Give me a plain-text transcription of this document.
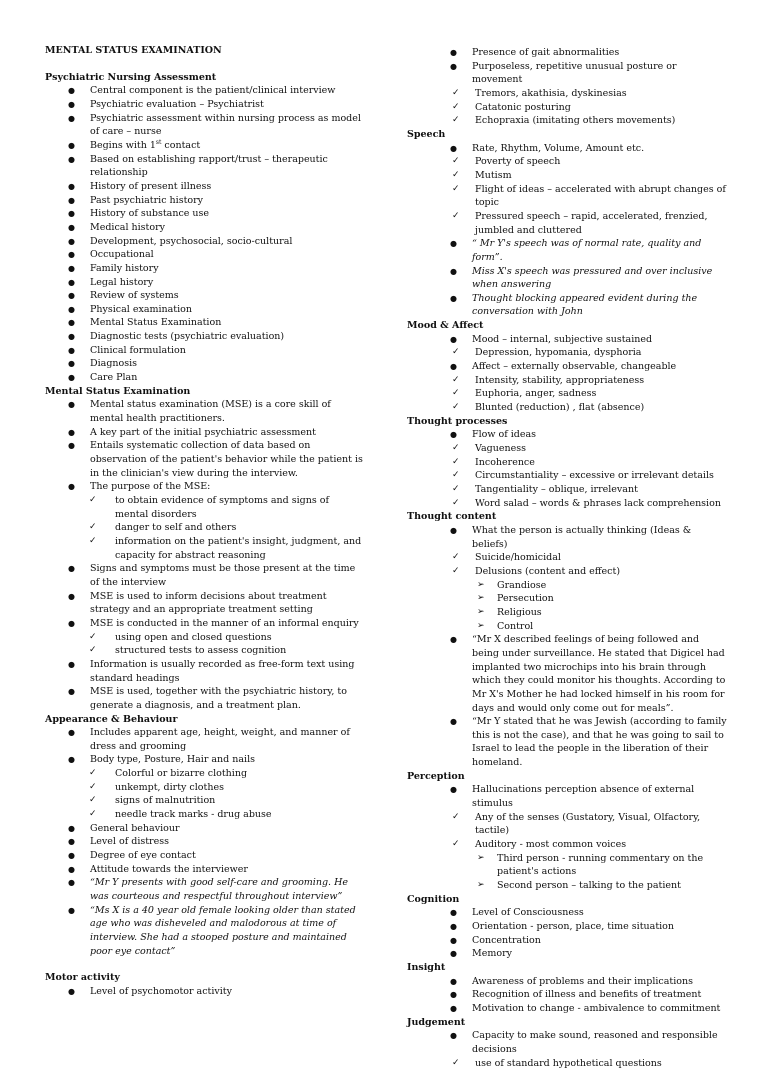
MENTAL STATUS EXAMINATION
Psychiatric Nursing Assessment
● Central component is the patient/clinical interview
● Psychiatric evaluation – Psychiatrist
● Psychiatric assessment within nursing process as model of care – nurse
● Begins with 1st contact
● Based on establishing rapport/trust – therapeutic relationship
● History of present illness
● Past psychiatric history
● History of substance use
● Medical history
● Development, psychosocial, socio-cultural
● Occupational
● Family history
● Legal history
● Review of systems
● Physical examination
● Mental Status Examination
● Diagnostic tests (psychiatric evaluation)
● Clinical formulation
● Diagnosis
● Care Plan
Mental Status Examination
● Mental status examination (MSE) is a core skill of mental health practitioners.
● A key part of the initial psychiatric assessment
● Entails systematic collection of data based on observation of the patient's behavior while the patient is in the clinician's view during the interview.
● The purpose of the MSE:
✓ to obtain evidence of symptoms and signs of mental disorders
✓ danger to self and others
✓ information on the patient's insight, judgment, and capacity for abstract reasoning
● Signs and symptoms must be those present at the time of the interview
● MSE is used to inform decisions about treatment strategy and an appropriate treatment setting
● MSE is conducted in the manner of an informal enquiry
✓ using open and closed questions
✓ structured tests to assess cognition
● Information is usually recorded as free-form text using standard headings
● MSE is used, together with the psychiatric history, to generate a diagnosis, and a treatment plan.
Appearance & Behaviour
● Includes apparent age, height, weight, and manner of dress and grooming
● Body type, Posture, Hair and nails
✓ Colorful or bizarre clothing
✓ unkempt, dirty clothes
✓ signs of malnutrition
✓ needle track marks - drug abuse
● General behaviour
● Level of distress
● Degree of eye contact
● Attitude towards the interviewer
● “Mr Y presents with good self-care and grooming. He was courteous and respectful throughout interview”
● “Ms X is a 40 year old female looking older than stated age who was disheveled and malodorous at time of interview. She had a stooped posture and maintained poor eye contact”
Motor activity
● Level of psychomotor activity
● Presence of gait abnormalities
● Purposeless, repetitive unusual posture or movement
✓ Tremors, akathisia, dyskinesias
✓ Catatonic posturing
✓ Echopraxia (imitating others movements)
Speech
● Rate, Rhythm, Volume, Amount etc.
✓ Poverty of speech
✓ Mutism
✓ Flight of ideas – accelerated with abrupt changes of topic
✓ Pressured speech – rapid, accelerated, frenzied, jumbled and cluttered
● “ Mr Y's speech was of normal rate, quality and form”.
● Miss X's speech was pressured and over inclusive when answering
● Thought blocking appeared evident during the conversation with John
Mood & Affect
● Mood – internal, subjective sustained
✓ Depression, hypomania, dysphoria
● Affect – externally observable, changeable
✓ Intensity, stability, appropriateness
✓ Euphoria, anger, sadness
✓ Blunted (reduction) , flat (absence)
Thought processes
● Flow of ideas
✓ Vagueness
✓ Incoherence
✓ Circumstantiality – excessive or irrelevant details
✓ Tangentiality – oblique, irrelevant
✓ Word salad – words & phrases lack comprehension
Thought content
● What the person is actually thinking (Ideas & beliefs)
✓ Suicide/homicidal
✓ Delusions (content and effect)
➢ Grandiose
➢ Persecution
➢ Religious
➢ Control
● “Mr X described feelings of being followed and being under surveillance. He stated that Digicel had implanted two microchips into his brain through which they could monitor his thoughts. According to Mr X's Mother he had locked himself in his room for days and would only come out for meals”.
● “Mr Y stated that he was Jewish (according to family this is not the case), and that he was going to sail to Israel to lead the people in the liberation of their homeland.
Perception
● Hallucinations perception absence of external stimulus
✓ Any of the senses (Gustatory, Visual, Olfactory, tactile)
✓ Auditory - most common voices
➢ Third person - running commentary on the patient's actions
➢ Second person – talking to the patient
Cognition
● Level of Consciousness
● Orientation - person, place, time situation
● Concentration
● Memory
Insight
● Awareness of problems and their implications
● Recognition of illness and benefits of treatment
● Motivation to change - ambivalence to commitment
Judgement
● Capacity to make sound, reasoned and responsible decisions
✓ use of standard hypothetical questions
